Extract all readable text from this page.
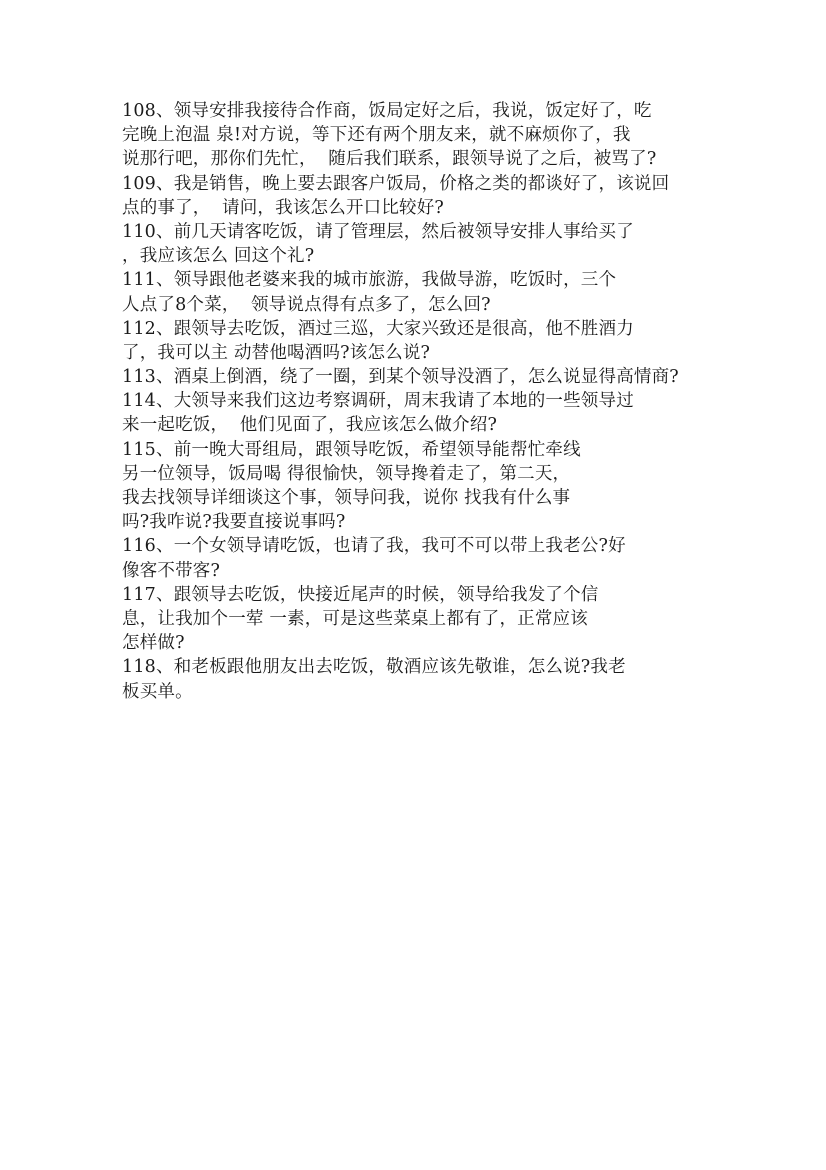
108、领导安排我接待合作商，饭局定好之后，我说，饭定好了，吃
完晚上泡温 泉!对方说，等下还有两个朋友来，就不麻烦你了，我
说那行吧，那你们先忙，  随后我们联系，跟领导说了之后，被骂了?
109、我是销售，晚上要去跟客户饭局，价格之类的都谈好了，该说回
点的事了，  请问，我该怎么开口比较好?
110、前几天请客吃饭，请了管理层，然后被领导安排人事给买了
，我应该怎么 回这个礼?
111、领导跟他老婆来我的城市旅游，我做导游，吃饭时，三个
人点了8个菜，  领导说点得有点多了，怎么回?
112、跟领导去吃饭，酒过三巡，大家兴致还是很高，他不胜酒力
了，我可以主 动替他喝酒吗?该怎么说?
113、酒桌上倒酒，绕了一圈，到某个领导没酒了，怎么说显得高情商?
114、大领导来我们这边考察调研，周末我请了本地的一些领导过
来一起吃饭，  他们见面了，我应该怎么做介绍?
115、前一晚大哥组局，跟领导吃饭，希望领导能帮忙牵线
另一位领导，饭局喝 得很愉快，领导搀着走了，第二天，
我去找领导详细谈这个事，领导问我，说你 找我有什么事
吗?我咋说?我要直接说事吗?
116、一个女领导请吃饭，也请了我，我可不可以带上我老公?好
像客不带客?
117、跟领导去吃饭，快接近尾声的时候，领导给我发了个信
息，让我加个一荤 一素，可是这些菜桌上都有了，正常应该
怎样做?
118、和老板跟他朋友出去吃饭，敬酒应该先敬谁，怎么说?我老
板买单。
